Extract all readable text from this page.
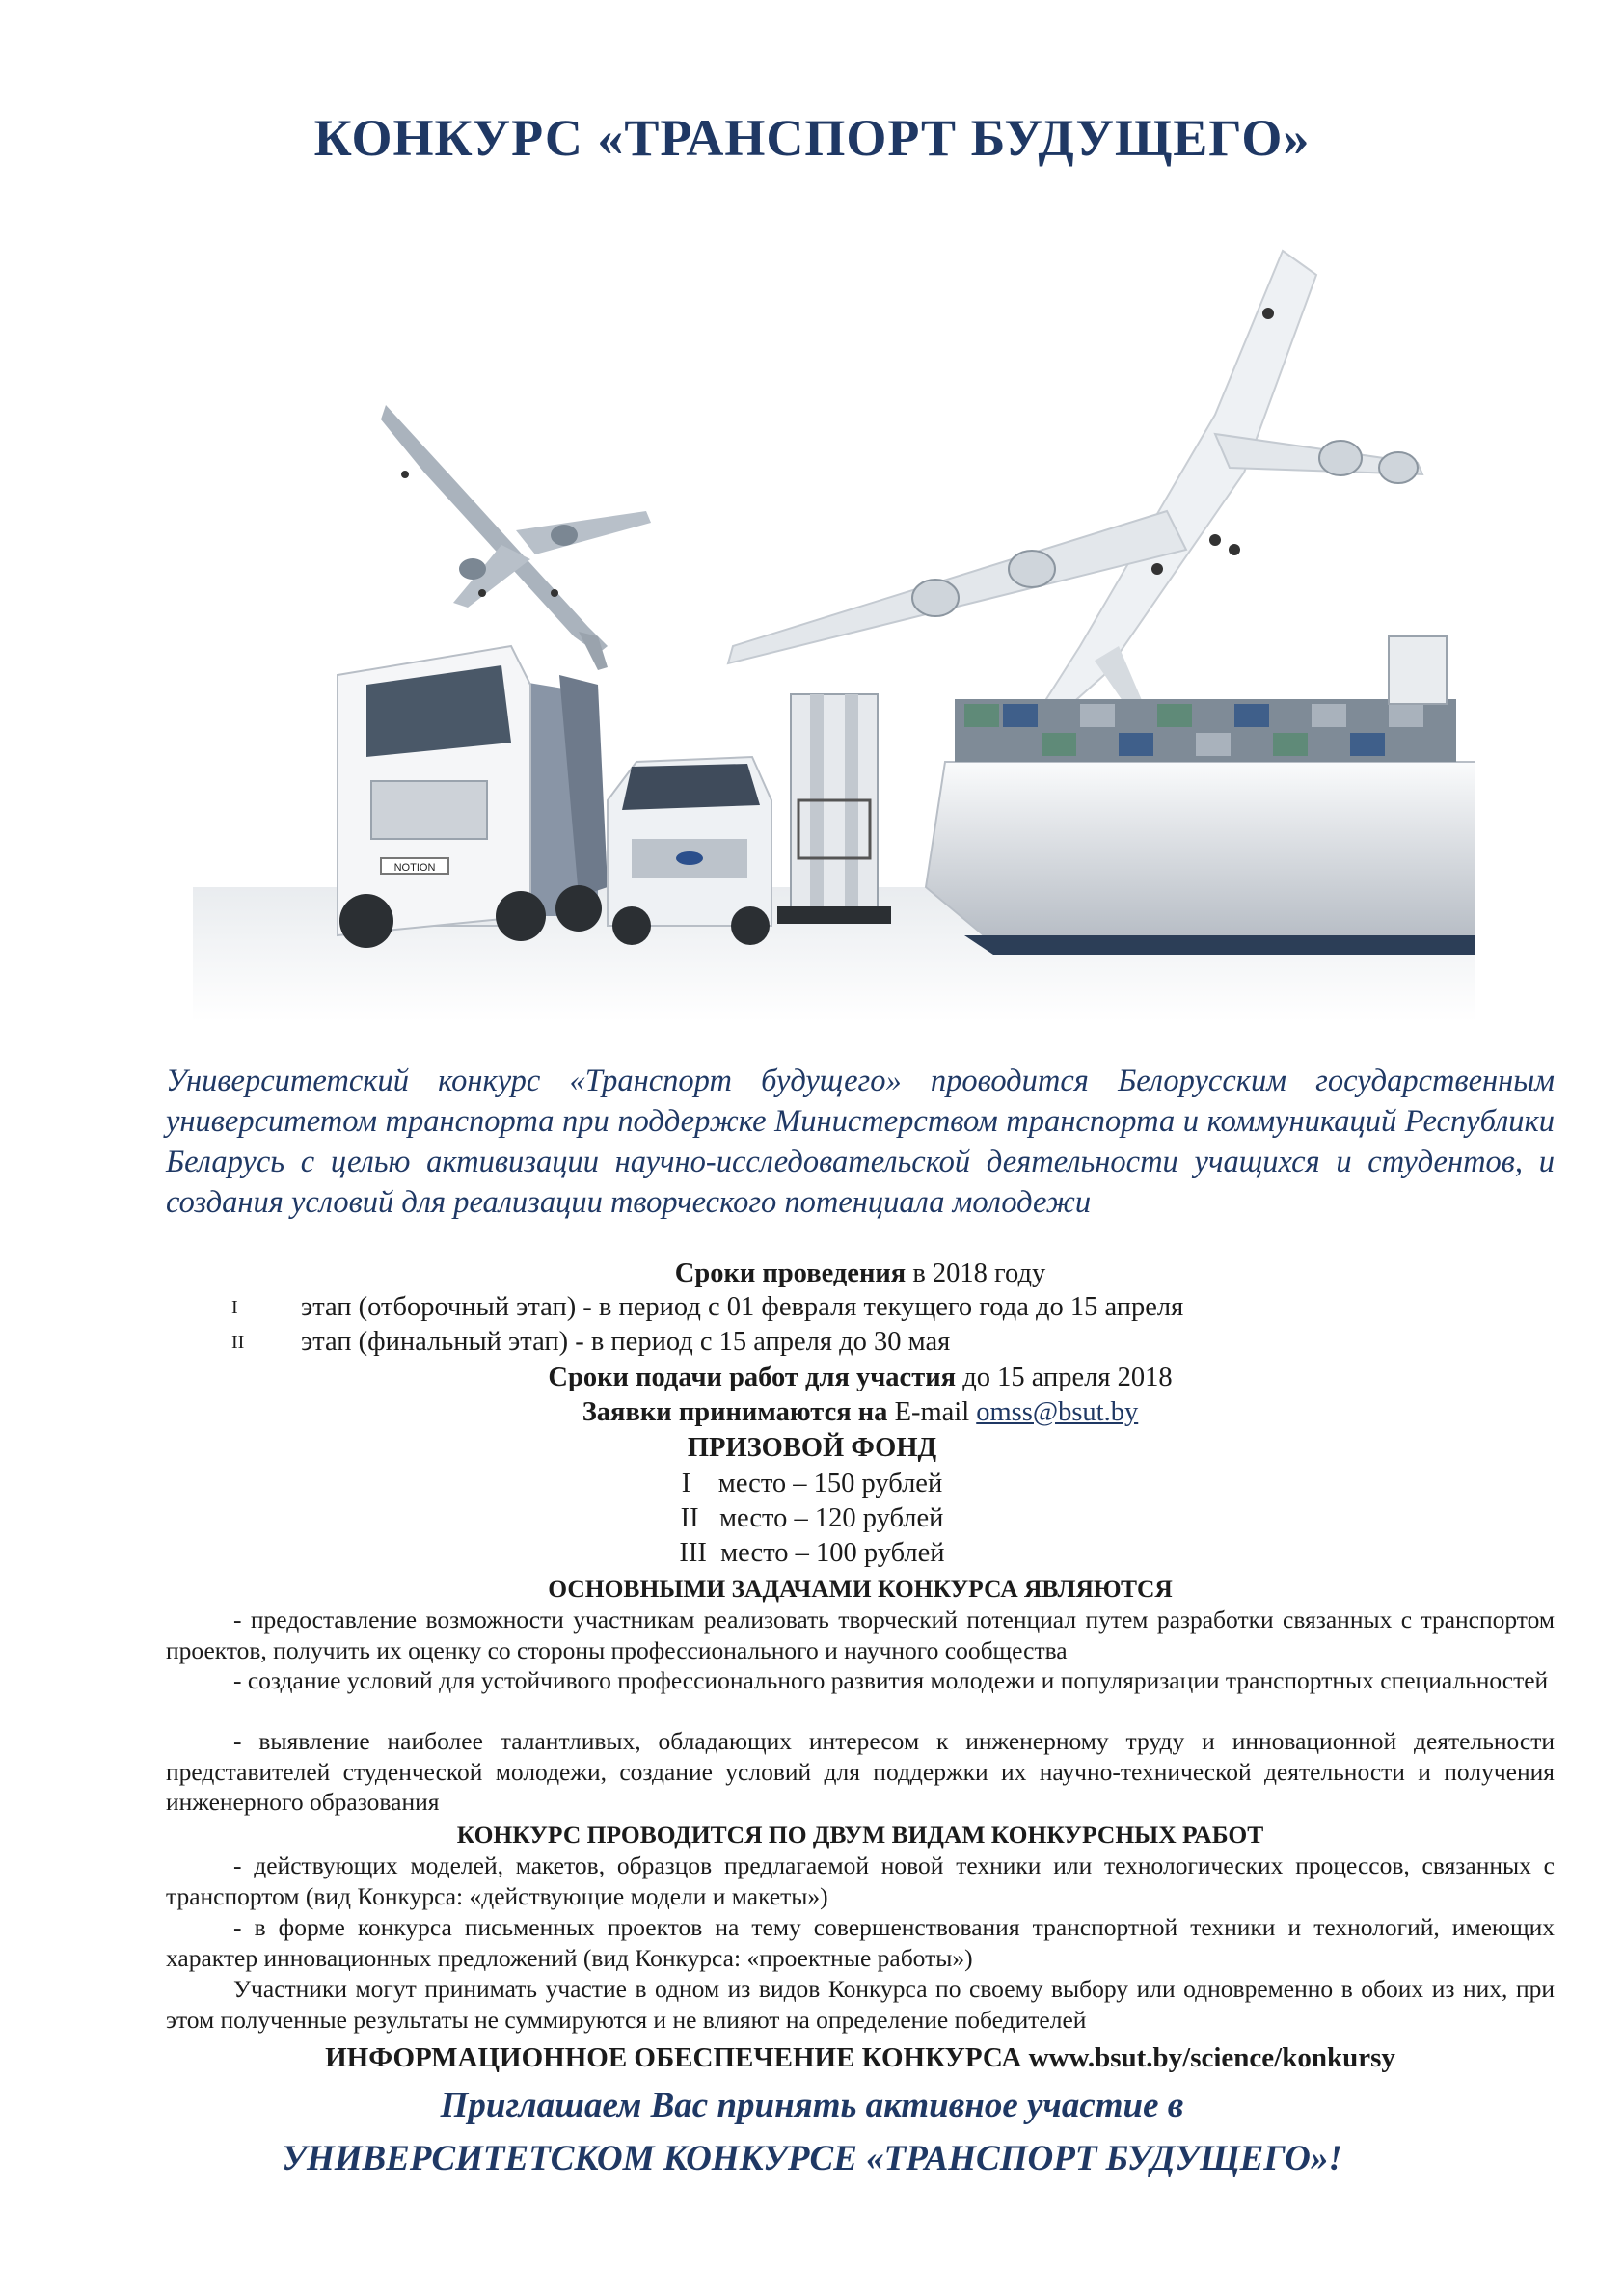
КОНКУРС «ТРАНСПОРТ БУДУЩЕГО»
NOTION
Университетский конкурс «Транспорт будущего» проводится Белорусским государственным университетом транспорта при поддержке Министерством транспорта и коммуникаций Республики Беларусь с целью активизации научно-исследовательской деятельности учащихся и студентов, и создания условий для реализации творческого потенциала молодежи
Сроки проведения в 2018 году
I этап (отборочный этап) - в период с 01 февраля текущего года до 15 апреля
II этап (финальный этап) - в период с 15 апреля до 30 мая
Сроки подачи работ для участия до 15 апреля 2018
Заявки принимаются на E-mail omss@bsut.by
ПРИЗОВОЙ ФОНД
I    место – 150 рублей
II   место – 120 рублей
III  место – 100 рублей
ОСНОВНЫМИ ЗАДАЧАМИ КОНКУРСА ЯВЛЯЮТСЯ
- предоставление возможности участникам реализовать творческий потенциал путем разработки связанных с транспортом проектов, получить их оценку со стороны профессионального и научного сообщества
- создание условий для устойчивого профессионального развития молодежи и популяризации транспортных специальностей
- выявление наиболее талантливых, обладающих интересом к инженерному труду и инновационной деятельности представителей студенческой молодежи, создание условий для поддержки их научно-технической деятельности и получения инженерного образования
КОНКУРС ПРОВОДИТСЯ ПО ДВУМ ВИДАМ КОНКУРСНЫХ РАБОТ
- действующих моделей, макетов, образцов предлагаемой новой техники или технологических процессов, связанных с транспортом (вид Конкурса: «действующие модели и макеты»)
- в форме конкурса письменных проектов на тему совершенствования транспортной техники и технологий, имеющих характер инновационных предложений (вид Конкурса: «проектные работы»)
Участники могут принимать участие в одном из видов Конкурса по своему выбору или одновременно в обоих из них, при этом полученные результаты не суммируются и не влияют на определение победителей
ИНФОРМАЦИОННОЕ ОБЕСПЕЧЕНИЕ КОНКУРСА www.bsut.by/science/konkursy
Приглашаем Вас принять активное участие в
УНИВЕРСИТЕТСКОМ КОНКУРСЕ «ТРАНСПОРТ БУДУЩЕГО»!
